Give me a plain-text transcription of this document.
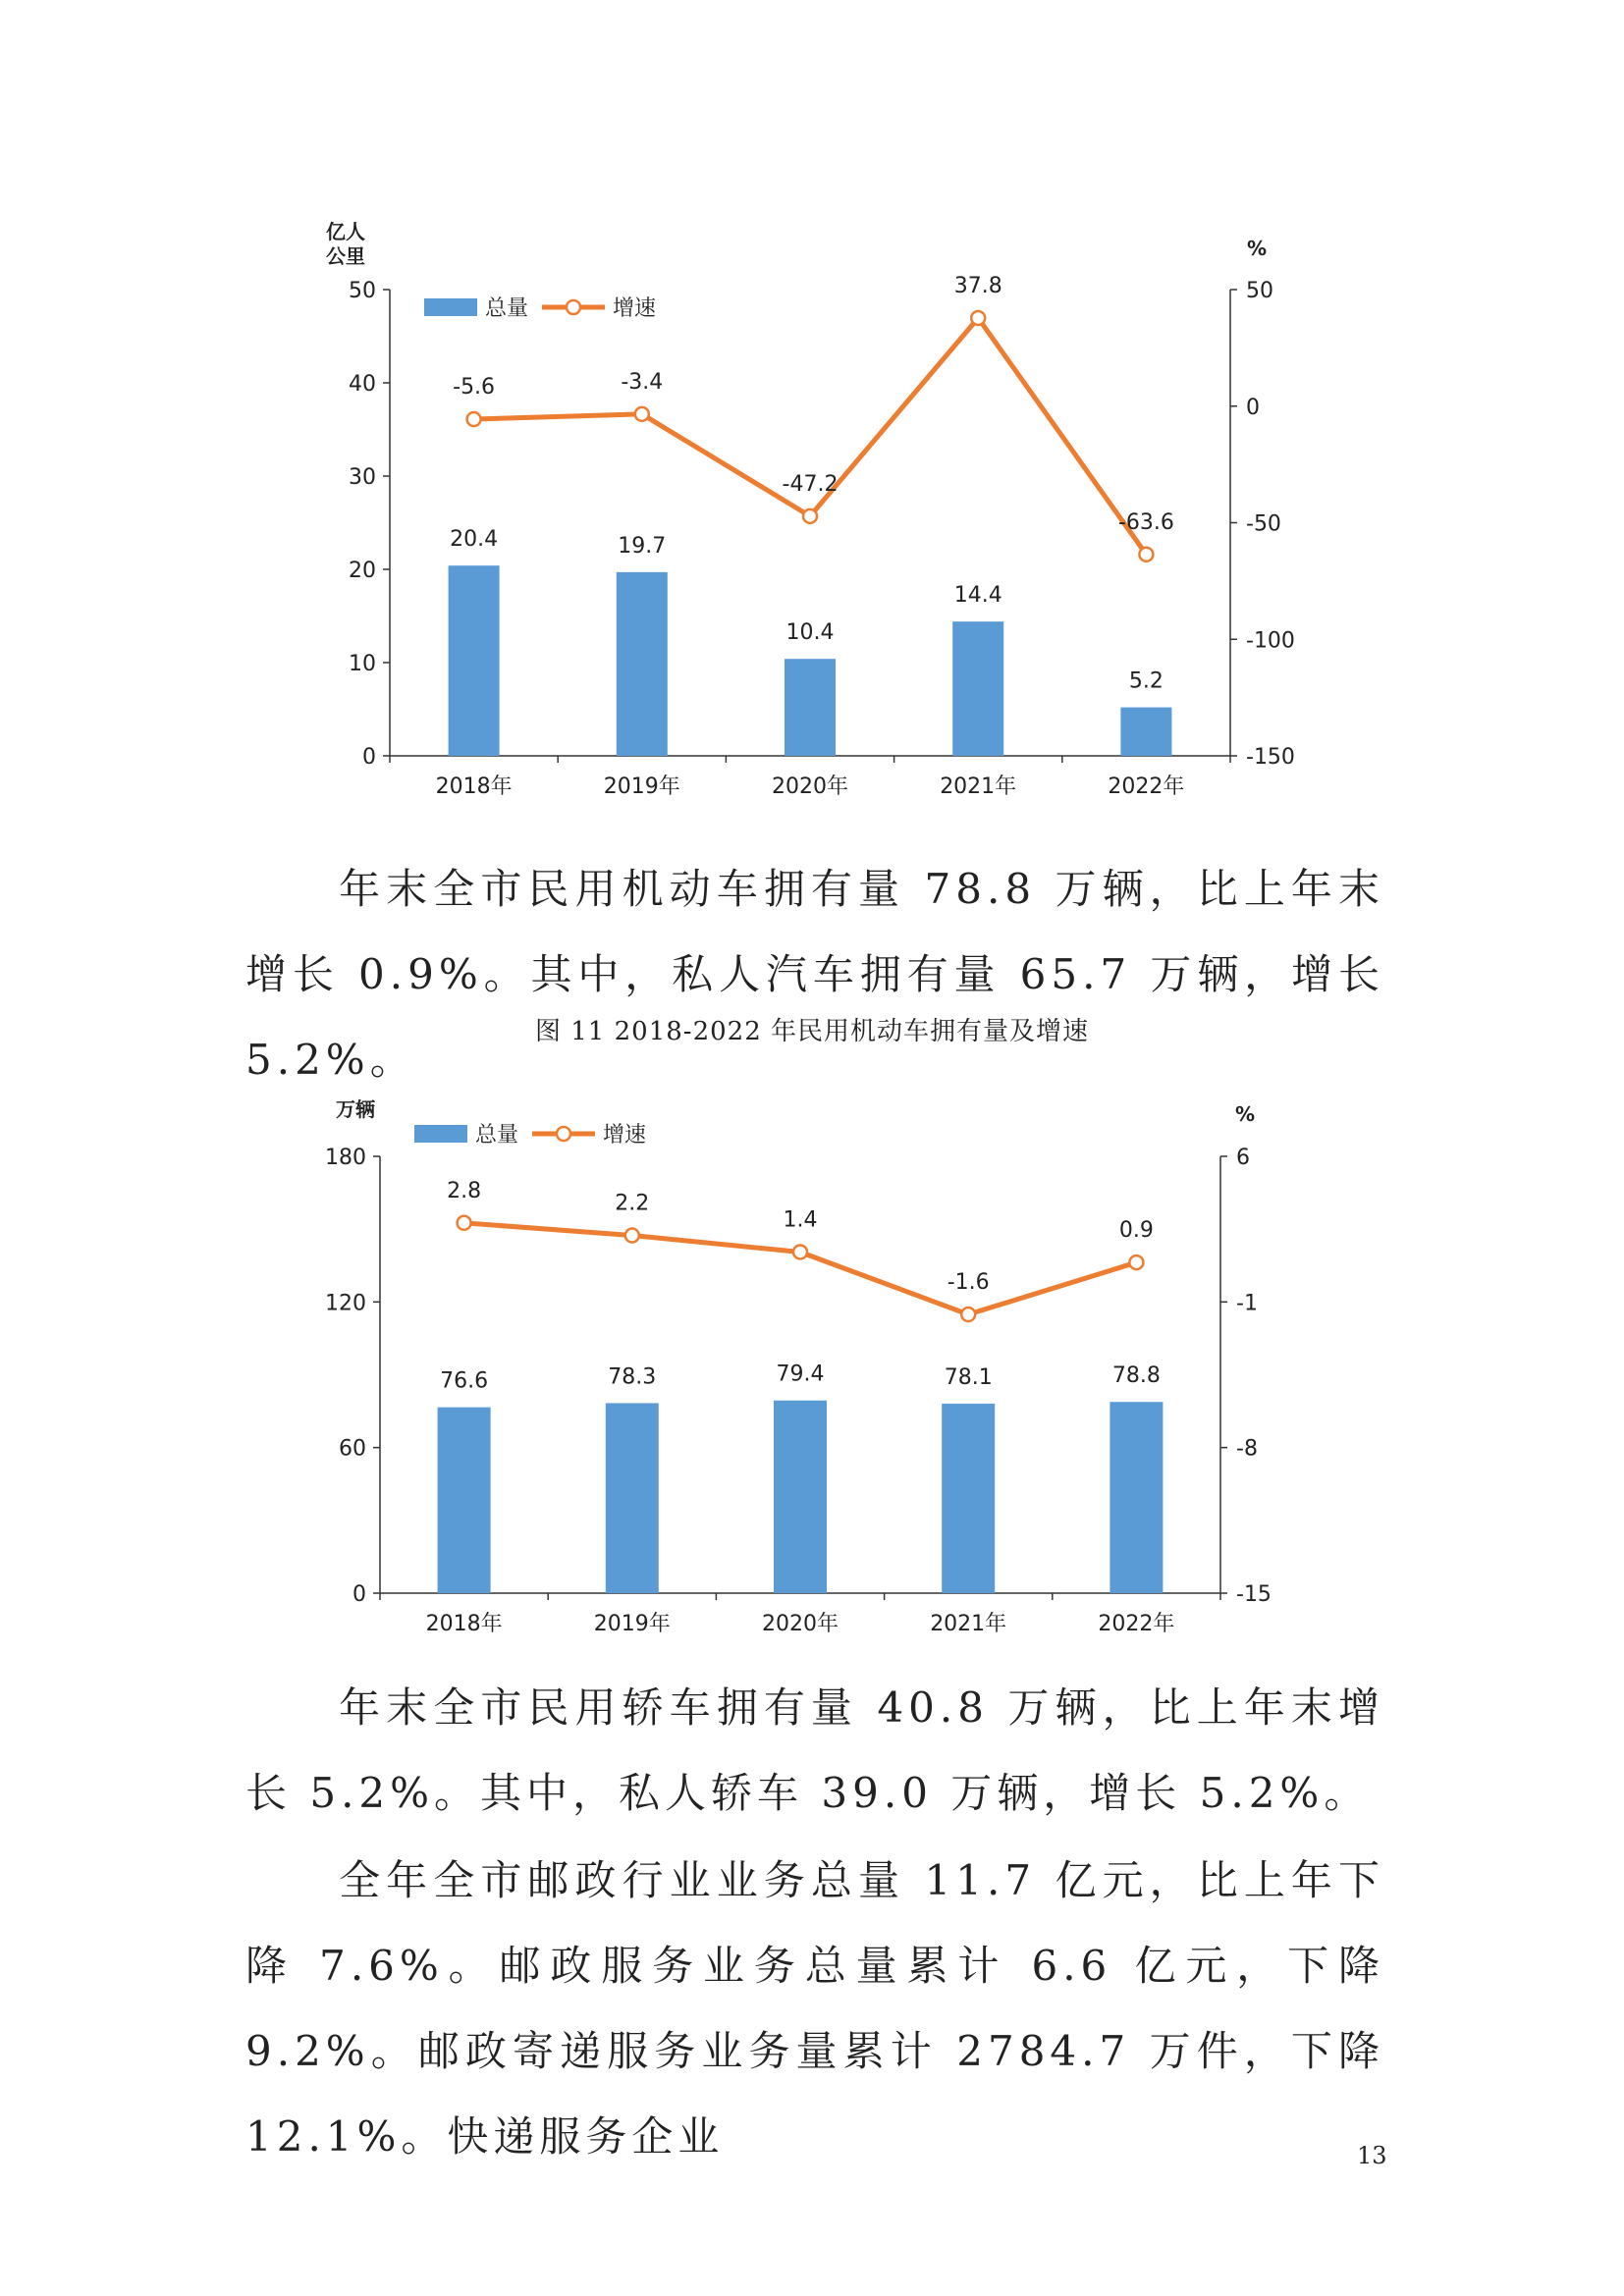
50
40
30
20
10
0
50
0
-50
-100
-150
2018年	2019年	2020年	2021年	2022年
亿人
公里	%
20.4	19.7
10.4
14.4
5.2
-5.6	-3.4
-47.2
37.8
-63.6
总量	增速

年末全市民用机动车拥有量 78.8 万辆，比上年末增长 0.9%。其中，私人汽车拥有量 65.7 万辆，增长 5.2%。

图 11 2018-2022 年民用机动车拥有量及增速
180
120
60
0
6
-1
-8
-15
2018年	2019年	2020年	2021年	2022年
万辆	%
76.6	78.3	79.4	78.1	78.8
2.8
2.2
1.4
-1.6
0.9
总量	增速

年末全市民用轿车拥有量 40.8 万辆，比上年末增长 5.2%。其中，私人轿车 39.0 万辆，增长 5.2%。

全年全市邮政行业业务总量 11.7 亿元，比上年下降 7.6%。邮政服务业务总量累计 6.6 亿元，下降 9.2%。邮政寄递服务业务量累计 2784.7 万件，下降 12.1%。快递服务企业	13
